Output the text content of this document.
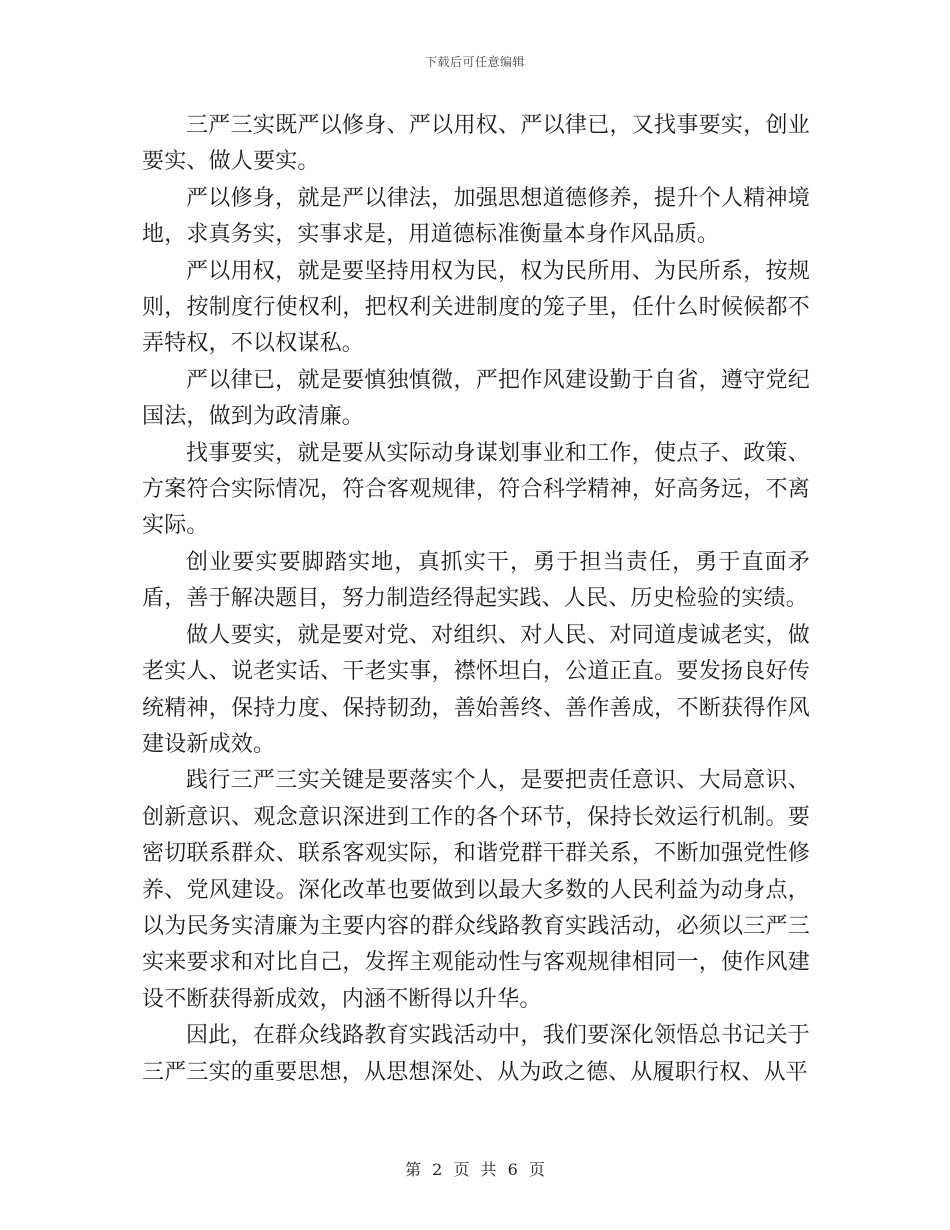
下载后可任意编辑

三严三实既严以修身、严以用权、严以律已，又找事要实，创业要实、做人要实。

严以修身，就是严以律法，加强思想道德修养，提升个人精神境地，求真务实，实事求是，用道德标准衡量本身作风品质。

严以用权，就是要坚持用权为民，权为民所用、为民所系，按规则，按制度行使权利，把权利关进制度的笼子里，任什么时候候都不弄特权，不以权谋私。

严以律已，就是要慎独慎微，严把作风建设勤于自省，遵守党纪国法，做到为政清廉。

找事要实，就是要从实际动身谋划事业和工作，使点子、政策、方案符合实际情况，符合客观规律，符合科学精神，好高务远，不离实际。

创业要实要脚踏实地，真抓实干，勇于担当责任，勇于直面矛盾，善于解决题目，努力制造经得起实践、人民、历史检验的实绩。

做人要实，就是要对党、对组织、对人民、对同道虔诚老实，做老实人、说老实话、干老实事，襟怀坦白，公道正直。要发扬良好传统精神，保持力度、保持韧劲，善始善终、善作善成，不断获得作风建设新成效。

践行三严三实关键是要落实个人，是要把责任意识、大局意识、创新意识、观念意识深进到工作的各个环节，保持长效运行机制。要密切联系群众、联系客观实际，和谐党群干群关系，不断加强党性修养、党风建设。深化改革也要做到以最大多数的人民利益为动身点，以为民务实清廉为主要内容的群众线路教育实践活动，必须以三严三实来要求和对比自己，发挥主观能动性与客观规律相同一，使作风建设不断获得新成效，内涵不断得以升华。

因此，在群众线路教育实践活动中，我们要深化领悟总书记关于三严三实的重要思想，从思想深处、从为政之德、从履职行权、从平

第 2 页 共 6 页
